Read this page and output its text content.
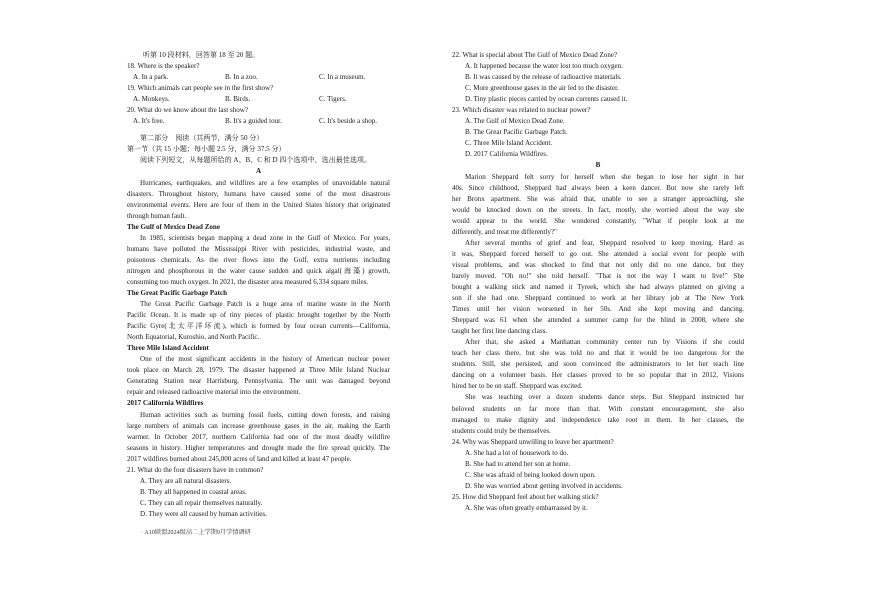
听第 10 段材料，回答第 18 至 20 题。
18. Where is the speaker?
A. In a park.	B. In a zoo.	C. In a museum.
19. Which animals can people see in the first show?
A. Monkeys.	B. Birds.	C. Tigers.
20. What do we know about the last show?
A. It's free.	B. It's a guided tour.	C. It's beside a shop.
第二部分　阅读（共两节，满分 50 分）
第一节（共 15 小题；每小题 2.5 分，满分 37.5 分）
阅读下列短文，从每题所给的 A、B、C 和 D 四个选项中，选出最佳选项。
A
Hurricanes, earthquakes, and wildfires are a few examples of unavoidable natural
disasters. Throughout history, humans have caused some of the most disastrous
environmental events. Here are four of them in the United States history that originated
through human fault.
The Gulf of Mexico Dead Zone
In 1985, scientists began mapping a dead zone in the Gulf of Mexico. For years,
humans have polluted the Mississippi River with pesticides, industrial waste, and
poisonous chemicals. As the river flows into the Gulf, extra nutrients including
nitrogen and phosphorous in the water cause sudden and quick algal(海藻) growth,
consuming too much oxygen. In 2021, the disaster area measured 6,334 square miles.
The Great Pacific Garbage Patch
The Great Pacific Garbage Patch is a huge area of marine waste in the North
Pacific Ocean. It is made up of tiny pieces of plastic brought together by the North
Pacific Gyre(北太平洋环流), which is formed by four ocean currents—California,
North Equatorial, Kuroshio, and North Pacific.
Three Mile Island Accident
One of the most significant accidents in the history of American nuclear power
took place on March 28, 1979. The disaster happened at Three Mile Island Nuclear
Generating Station near Harrisburg, Pennsylvania. The unit was damaged beyond
repair and released radioactive material into the environment.
2017 California Wildfires
Human activities such as burning fossil fuels, cutting down forests, and raising
large numbers of animals can increase greenhouse gases in the air, making the Earth
warmer. In October 2017, northern California had one of the most deadly wildfire
seasons in history. Higher temperatures and drought made the fire spread quickly. The
2017 wildfires burned about 245,000 acres of land and killed at least 47 people.
21. What do the four disasters have in common?
A. They are all natural disasters.
B. They all happened in coastal areas.
C. They can all repair themselves naturally.
D. They were all caused by human activities.
22. What is special about The Gulf of Mexico Dead Zone?
A. It happened because the water lost too much oxygen.
B. It was caused by the release of radioactive materials.
C. More greenhouse gases in the air led to the disaster.
D. Tiny plastic pieces carried by ocean currents caused it.
23. Which disaster was related to nuclear power?
A. The Gulf of Mexico Dead Zone.
B. The Great Pacific Garbage Patch.
C. Three Mile Island Accident.
D. 2017 California Wildfires.
B
Marion Sheppard felt sorry for herself when she began to lose her sight in her
40s. Since childhood, Sheppard had always been a keen dancer. But now she rarely left
her Bronx apartment. She was afraid that, unable to see a stranger approaching, she
would be knocked down on the streets. In fact, mostly, she worried about the way she
would appear to the world. She wondered constantly, "What if people look at me
differently, and treat me differently?"
After several months of grief and fear, Sheppard resolved to keep moving. Hard as
it was, Sheppard forced herself to go out. She attended a social event for people with
visual problems, and was shocked to find that not only did no one dance, but they
barely moved. "Oh no!" she told herself. "That is not the way I want to live!" She
bought a walking stick and named it Tyreek, which she had always planned on giving a
son if she had one. Sheppard continued to work at her library job at The New York
Times until her vision worsened in her 50s. And she kept moving and dancing.
Sheppard was 61 when she attended a summer camp for the blind in 2008, where she
taught her first line dancing class.
After that, she asked a Manhattan community center run by Visions if she could
teach her class there, but she was told no and that it would be too dangerous for the
students. Still, she persisted, and soon convinced the administrators to let her teach line
dancing on a volunteer basis. Her classes proved to be so popular that in 2012, Visions
hired her to be on staff. Sheppard was excited.
She was teaching over a dozen students dance steps. But Sheppard instructed her
beloved students on far more than that. With constant encouragement, she also
managed to make dignity and independence take root in them. In her classes, the
students could truly be themselves.
24. Why was Sheppard unwilling to leave her apartment?
A. She had a lot of housework to do.
B. She had to attend her son at home.
C. She was afraid of being looked down upon.
D. She was worried about getting involved in accidents.
25. How did Sheppard feel about her walking stick?
A. She was often greatly embarrassed by it.
· A10联盟2024级高二上学期9月学情调研
